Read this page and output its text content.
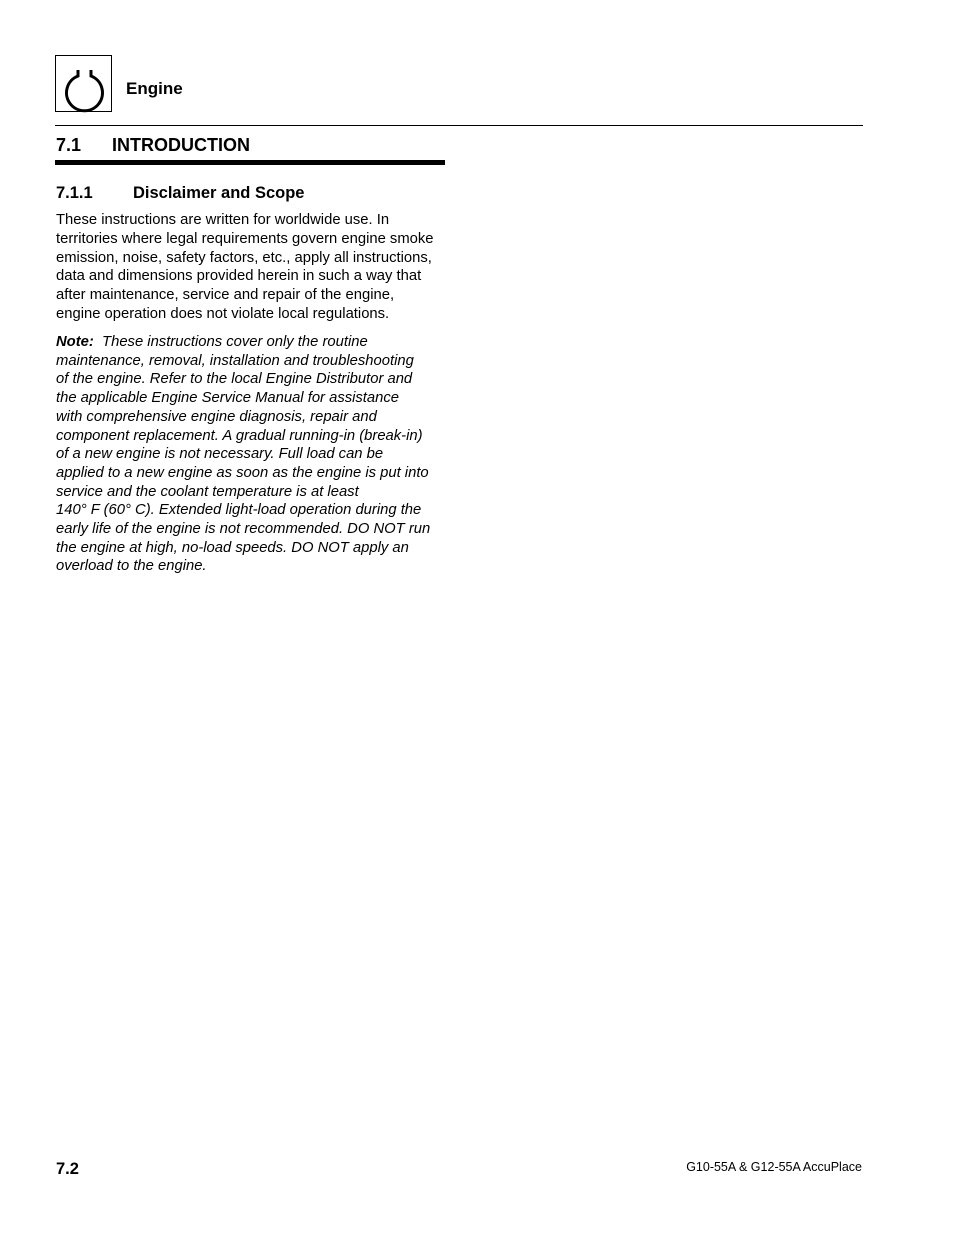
Engine
7.1 INTRODUCTION
7.1.1 Disclaimer and Scope

These instructions are written for worldwide use. In

territories where legal requirements govern engine smoke

emission, noise, safety factors, etc., apply all instructions,

data and dimensions provided herein in such a way that

after maintenance, service and repair of the engine,

engine operation does not violate local regulations.

Note: These instructions cover only the routine

maintenance, removal, installation and troubleshooting

of the engine. Refer to the local Engine Distributor and

the applicable Engine Service Manual for assistance

with comprehensive engine diagnosis, repair and

component replacement. A gradual running-in (break-in)

of a new engine is not necessary. Full load can be

applied to a new engine as soon as the engine is put into

service and the coolant temperature is at least

140° F (60° C). Extended light-load operation during the

early life of the engine is not recommended. DO NOT run

the engine at high, no-load speeds. DO NOT apply an

overload to the engine.

7.2	G10-55A & G12-55A AccuPlace
